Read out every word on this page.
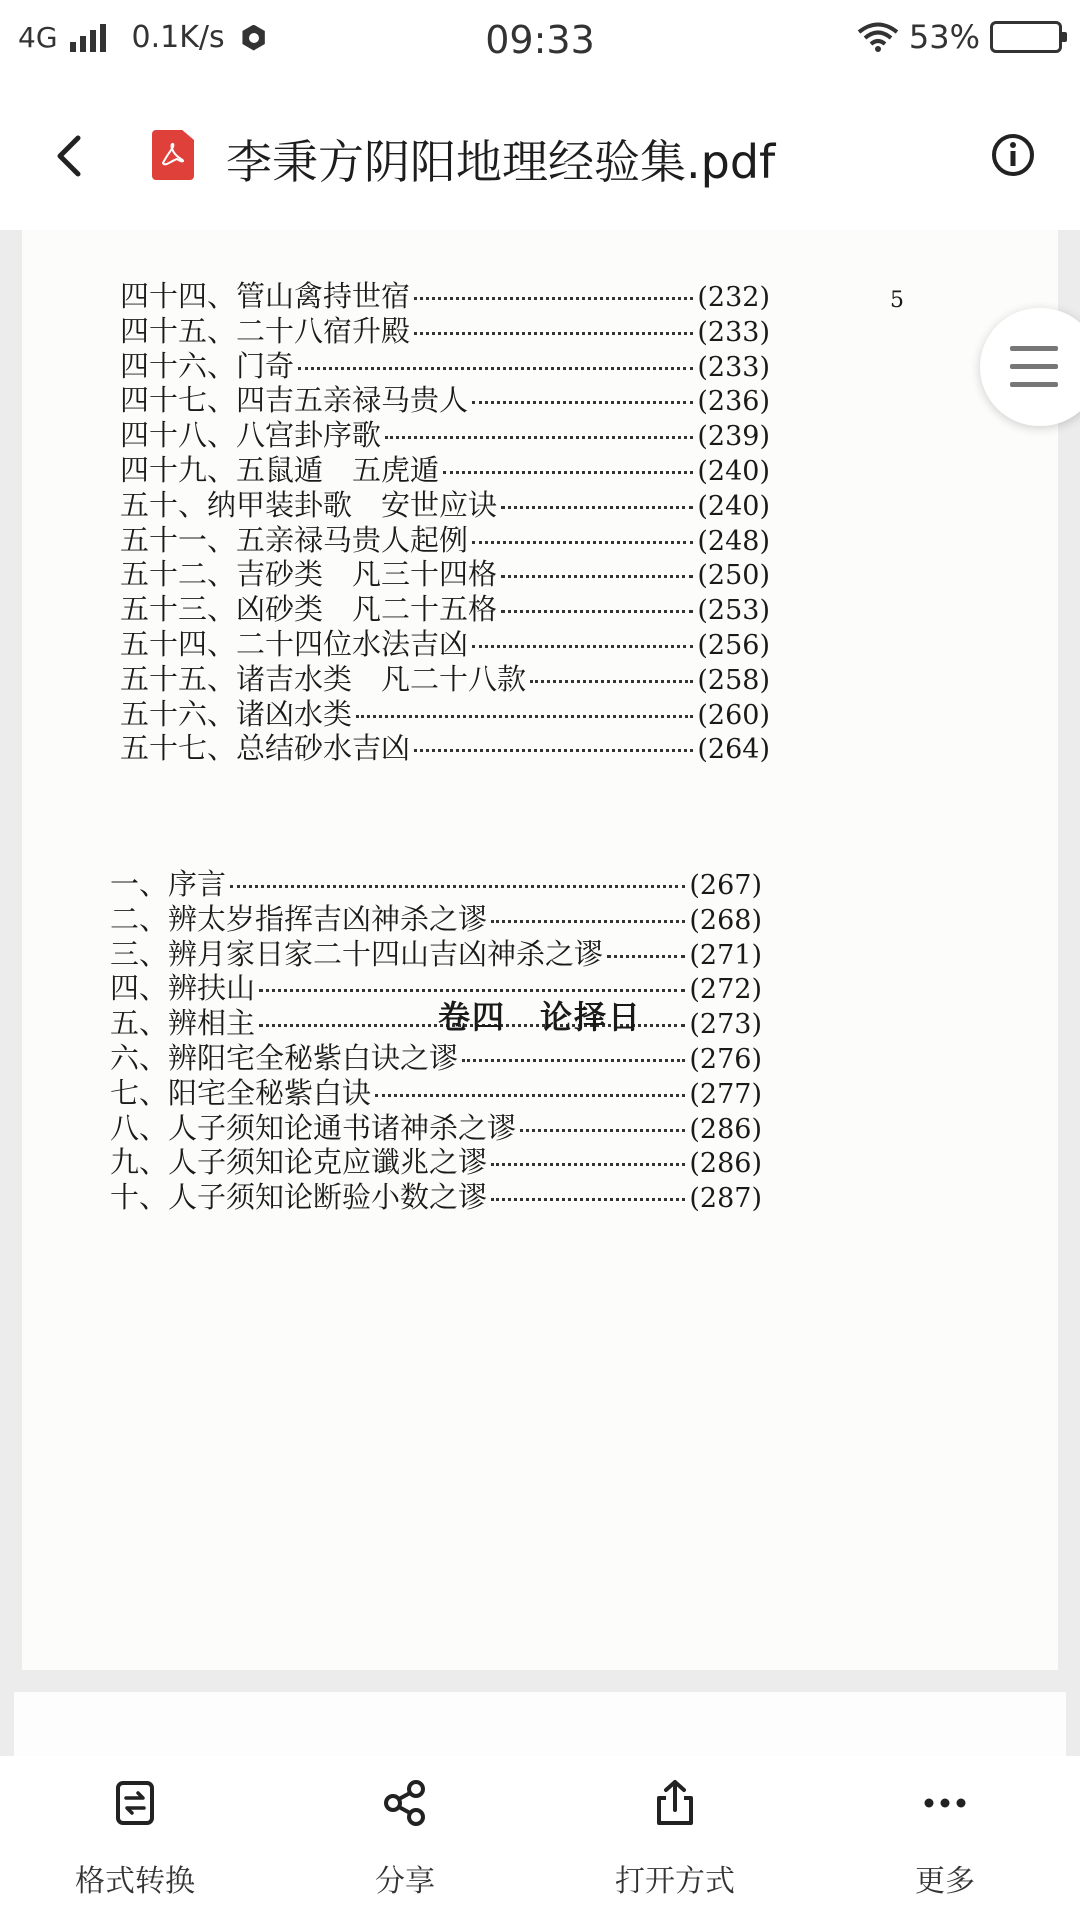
4G 0.1K/s	09:33	53%
李秉方阴阳地理经验集.pdf
5
四十四、管山禽持世宿	(232)
四十五、二十八宿升殿	(233)
四十六、门奇	(233)
四十七、四吉五亲禄马贵人	(236)
四十八、八宫卦序歌	(239)
四十九、五鼠遁　五虎遁	(240)
五十、纳甲装卦歌　安世应诀	(240)
五十一、五亲禄马贵人起例	(248)
五十二、吉砂类　凡三十四格	(250)
五十三、凶砂类　凡二十五格	(253)
五十四、二十四位水法吉凶	(256)
五十五、诸吉水类　凡二十八款	(258)
五十六、诸凶水类	(260)
五十七、总结砂水吉凶	(264)
一、序言	(267)
二、辨太岁指挥吉凶神杀之谬	(268)
三、辨月家日家二十四山吉凶神杀之谬	(271)
四、辨扶山	(272)
五、辨相主	(273)
六、辨阳宅全秘紫白诀之谬	(276)
七、阳宅全秘紫白诀	(277)
八、人子须知论通书诸神杀之谬	(286)
九、人子须知论克应谶兆之谬	(286)
十、人子须知论断验小数之谬	(287)
卷四　论择日
格式转换	分享	打开方式	更多
